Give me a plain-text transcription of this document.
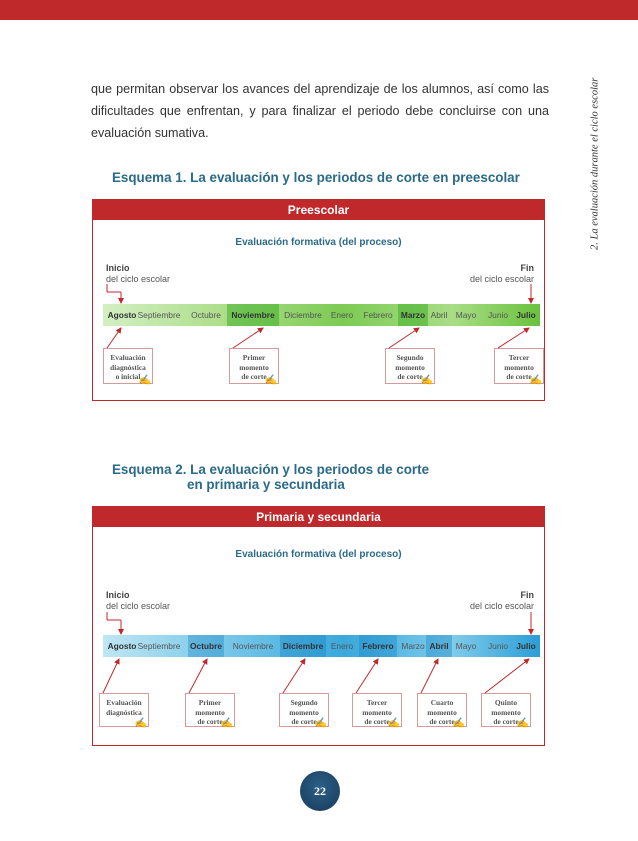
2. La evaluación durante el ciclo escolar

que permitan observar los avances del aprendizaje de los alumnos, así como las dificultades que enfrentan, y para finalizar el periodo debe concluirse con una evaluación sumativa.

Esquema 1. La evaluación y los periodos de corte en preescolar
Preescolar
Evaluación formativa (del proceso)
Inicio
del ciclo escolar
Fin
del ciclo escolar
Agosto Septiembre Octubre Noviembre Diciembre Enero Febrero Marzo Abril Mayo Junio Julio
Evaluación
diagnóstica
o inicial
✍
Primer
momento
de corte
✍
Segundo
momento
de corte
✍
Tercer
momento
de corte
✍
Esquema 2. La evaluación y los periodos de corte
en primaria y secundaria
Primaria y secundaria
Evaluación formativa (del proceso)
Inicio
del ciclo escolar
Fin
del ciclo escolar
Agosto Septiembre Octubre Noviembre Diciembre Enero Febrero Marzo Abril Mayo Junio Julio
Evaluación
diagnóstica
✍
Primer
momento
de corte
✍
Segundo
momento
de corte
✍
Tercer
momento
de corte
✍
Cuarto
momento
de corte
✍
Quinto
momento
de corte
✍
22
